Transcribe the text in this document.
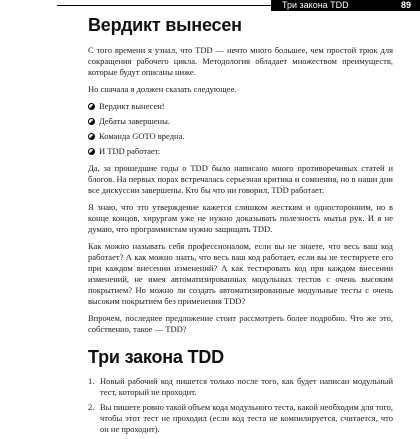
Три закона TDD	89
Вердикт вынесен

С того времени я узнал, что TDD — нечто много большее, чем простой трюк для сокращения рабочего цикла. Методология обладает множеством преимуществ, которые будут описаны ниже.

Но сначала я должен сказать следующее.

Вердикт вынесен!
Дебаты завершены.
Команда GOTO вредна.
И TDD работает.

Да, за прошедшие годы о TDD было написано много противоречивых статей и блогов. На первых порах встречалась серьезная критика и сомнения, но в наши дни все дискуссии завершены. Кто бы что ни говорил, TDD работает.

Я знаю, что это утверждение кажется слишком жестким и односторонним, но в конце концов, хирургам уже не нужно доказывать полезность мытья рук. И я не думаю, что программистам нужно защищать TDD.

Как можно называть себя профессионалом, если вы не знаете, что весь ваш код работает? А как можно знать, что весь ваш код работает, если вы не тестируете его при каждом внесении изменений? А как тестировать код при каждом внесении изменений, не имея автоматизированных модульных тестов с очень высоким покрытием? Но можно ли создать автоматизированные модульные тесты с очень высоким покрытием без применения TDD?

Впрочем, последнее предложение стоит рассмотреть более подробно. Что же это, собственно, такое — TDD?

Три закона TDD
1. Новый рабочий код пишется только после того, как будет написан модульный тест, который не проходит.
2. Вы пишете ровно такой объем кода модульного теста, какой необходим для того, чтобы этот тест не проходил (если код теста не компилируется, считается, что он не проходит).
